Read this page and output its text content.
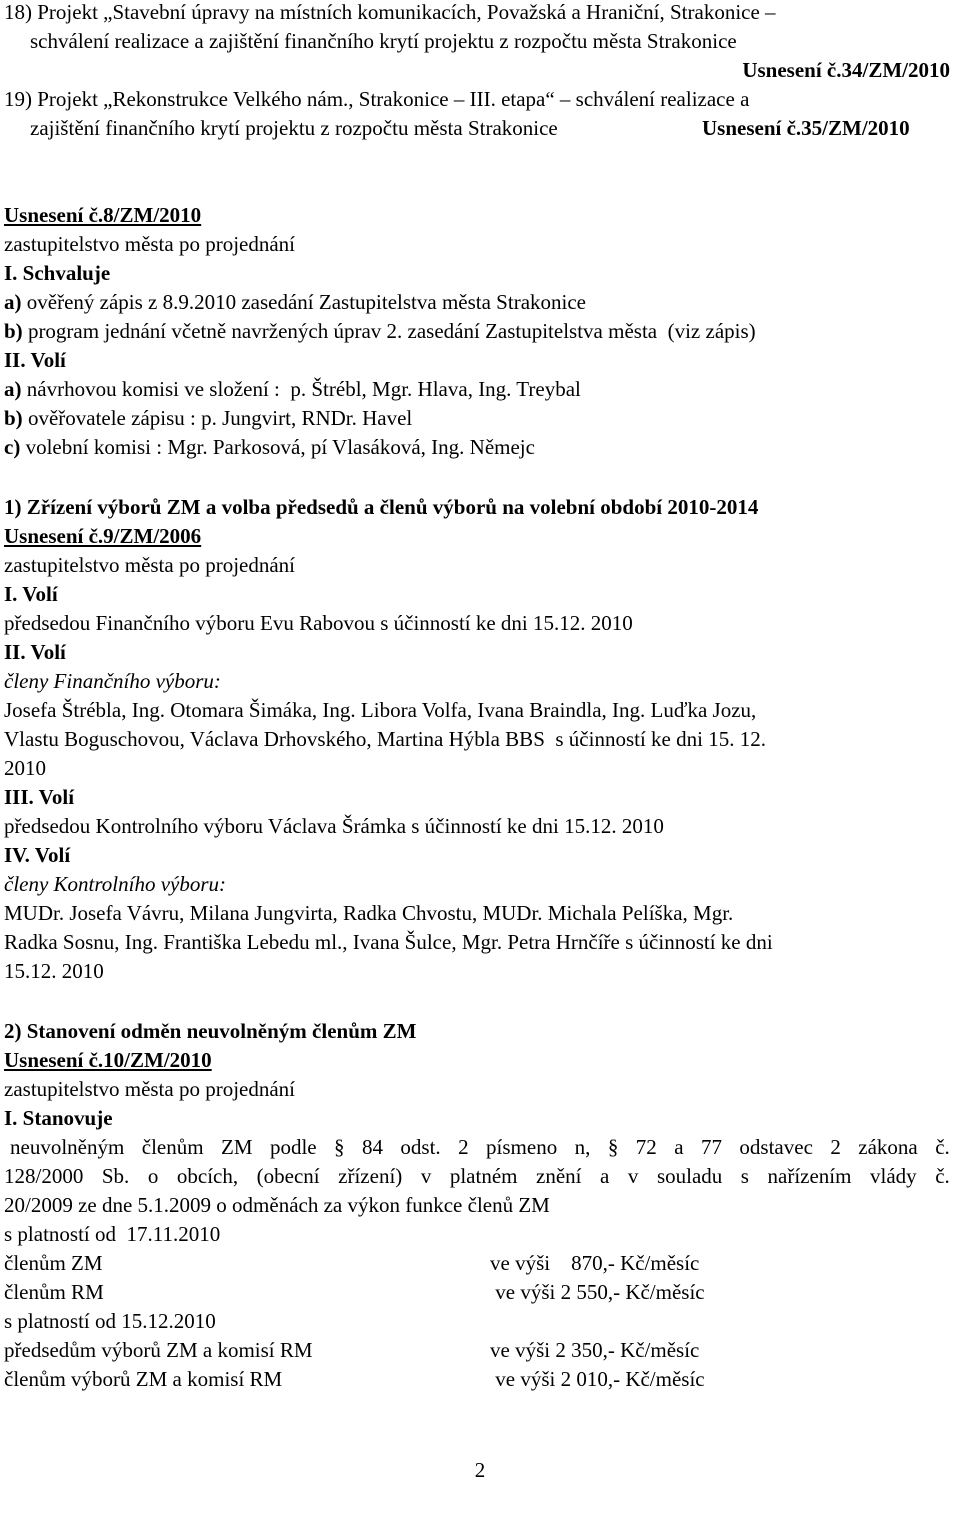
18) Projekt „Stavební úpravy na místních komunikacích, Považská a Hraniční, Strakonice –
schválení realizace a zajištění finančního krytí projektu z rozpočtu města Strakonice
Usnesení č.34/ZM/2010
19) Projekt „Rekonstrukce Velkého nám., Strakonice – III. etapa“ – schválení realizace a
zajištění finančního krytí projektu z rozpočtu města Strakonice	Usnesení č.35/ZM/2010
Usnesení č.8/ZM/2010
zastupitelstvo města po projednání
I. Schvaluje
a) ověřený zápis z 8.9.2010 zasedání Zastupitelstva města Strakonice
b) program jednání včetně navržených úprav 2. zasedání Zastupitelstva města  (viz zápis)
II. Volí
a) návrhovou komisi ve složení :  p. Štrébl, Mgr. Hlava, Ing. Treybal
b) ověřovatele zápisu : p. Jungvirt, RNDr. Havel
c) volební komisi : Mgr. Parkosová, pí Vlasáková, Ing. Němejc
1) Zřízení výborů ZM a volba předsedů a členů výborů na volební období 2010-2014
Usnesení č.9/ZM/2006
zastupitelstvo města po projednání
I. Volí
předsedou Finančního výboru Evu Rabovou s účinností ke dni 15.12. 2010
II. Volí
členy Finančního výboru:
Josefa Štrébla, Ing. Otomara Šimáka, Ing. Libora Volfa, Ivana Braindla, Ing. Luďka Jozu,
Vlastu Boguschovou, Václava Drhovského, Martina Hýbla BBS  s účinností ke dni 15. 12.
2010
III. Volí
předsedou Kontrolního výboru Václava Šrámka s účinností ke dni 15.12. 2010
IV. Volí
členy Kontrolního výboru:
MUDr. Josefa Vávru, Milana Jungvirta, Radka Chvostu, MUDr. Michala Pelíška, Mgr.
Radka Sosnu, Ing. Františka Lebedu ml., Ivana Šulce, Mgr. Petra Hrnčíře s účinností ke dni
15.12. 2010
2) Stanovení odměn neuvolněným členům ZM
Usnesení č.10/ZM/2010
zastupitelstvo města po projednání
I. Stanovuje
neuvolněným členům ZM podle § 84 odst. 2 písmeno n, § 72 a 77 odstavec 2 zákona č.
128/2000 Sb. o obcích, (obecní zřízení) v platném znění a v souladu s nařízením vlády č.
20/2009 ze dne 5.1.2009 o odměnách za výkon funkce členů ZM
s platností od  17.11.2010
členům ZM	ve výši    870,- Kč/měsíc
členům RM	ve výši 2 550,- Kč/měsíc
s platností od 15.12.2010
předsedům výborů ZM a komisí RM	ve výši 2 350,- Kč/měsíc
členům výborů ZM a komisí RM	ve výši 2 010,- Kč/měsíc
2
